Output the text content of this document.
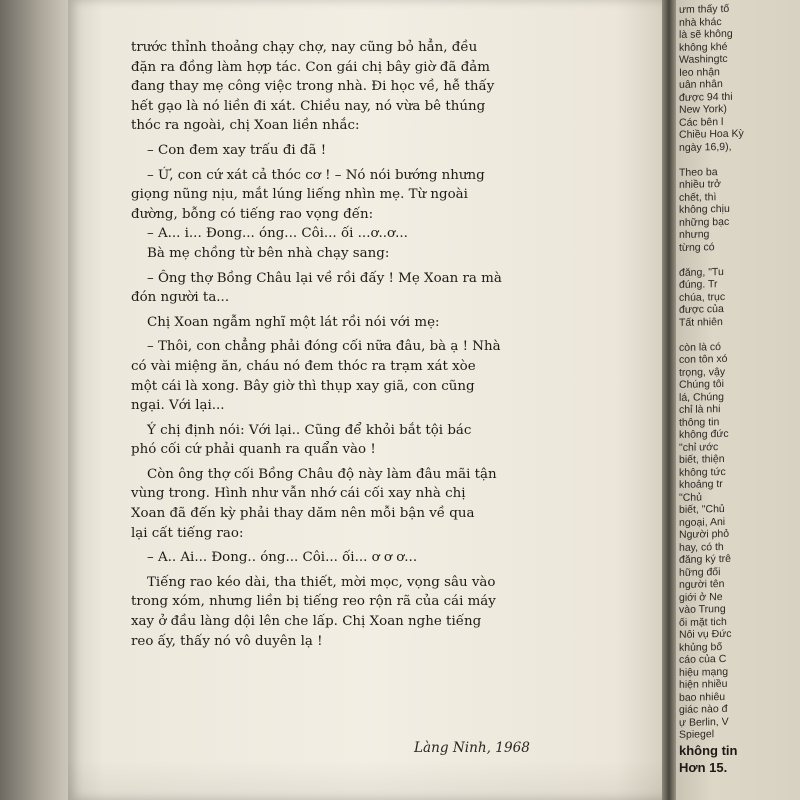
trước thỉnh thoảng chạy chợ, nay cũng bỏ hẳn, đều
đặn ra đồng làm hợp tác. Con gái chị bây giờ đã đảm
đang thay mẹ công việc trong nhà. Đi học về, hễ thấy
hết gạo là nó liền đi xát. Chiều nay, nó vừa bê thúng
thóc ra ngoài, chị Xoan liền nhắc:
– Con đem xay trấu đi đã !
– Ứ, con cứ xát cả thóc cơ ! – Nó nói bướng nhưng
giọng nũng nịu, mắt lúng liếng nhìn mẹ. Từ ngoài
đường, bỗng có tiếng rao vọng đến:
– A... i... Đong... óng... Côi... ối ...ơ..ơ...
Bà mẹ chồng từ bên nhà chạy sang:
– Ông thợ Bồng Châu lại về rồi đấy ! Mẹ Xoan ra mà
đón người ta...
Chị Xoan ngẫm nghĩ một lát rồi nói với mẹ:
– Thôi, con chẳng phải đóng cối nữa đâu, bà ạ ! Nhà
có vài miệng ăn, cháu nó đem thóc ra trạm xát xòe
một cái là xong. Bây giờ thì thụp xay giã, con cũng
ngại. Với lại...
Ý chị định nói: Với lại.. Cũng để khỏi bắt tội bác
phó cối cứ phải quanh ra quẩn vào !
Còn ông thợ cối Bồng Châu độ này làm đâu mãi tận
vùng trong. Hình như vẫn nhớ cái cối xay nhà chị
Xoan đã đến kỳ phải thay dăm nên mỗi bận về qua
lại cất tiếng rao:
– A.. Ai... Đong.. óng... Côi... ối... ơ ơ ơ...
Tiếng rao kéo dài, tha thiết, mời mọc, vọng sâu vào
trong xóm, nhưng liền bị tiếng reo rộn rã của cái máy
xay ở đầu làng dội lên che lấp. Chị Xoan nghe tiếng
reo ấy, thấy nó vô duyên lạ !
Làng Ninh, 1968
ưm thấy tố
nhà khác
là sẽ không
không khé
Washingtc
Ieo nhận
uân nhân
được 94 thi
New York)
Các bên l
Chiều Hoa Kỳ
ngày 16,9),
Theo ba
nhiều trở
chết, thì
không chịu
những bạc
nhưng
từng có
đăng, "Tu
đúng. Tr
chúa, trục
được của
Tất nhiên
còn là có
con tôn xó
trọng, vậy
Chúng tôi
lá, Chúng
chỉ là nhi
thông tin
không đức
"chỉ ước
biết, thiện
không tức
khoảng tr
"Chủ
biết, "Chủ
ngoại, Ani
Người phỏ
hay, có th
đăng ký trê
hững đối
người tên
giới ở Ne
vào Trung
ối mặt tich
Nôi vụ Đức
khủng bố
cáo của C
hiệu mạng
hiện nhiều
bao nhiêu
giác nào đ
ự Berlin, V
Spiegel
không tin
Hơn 15.
